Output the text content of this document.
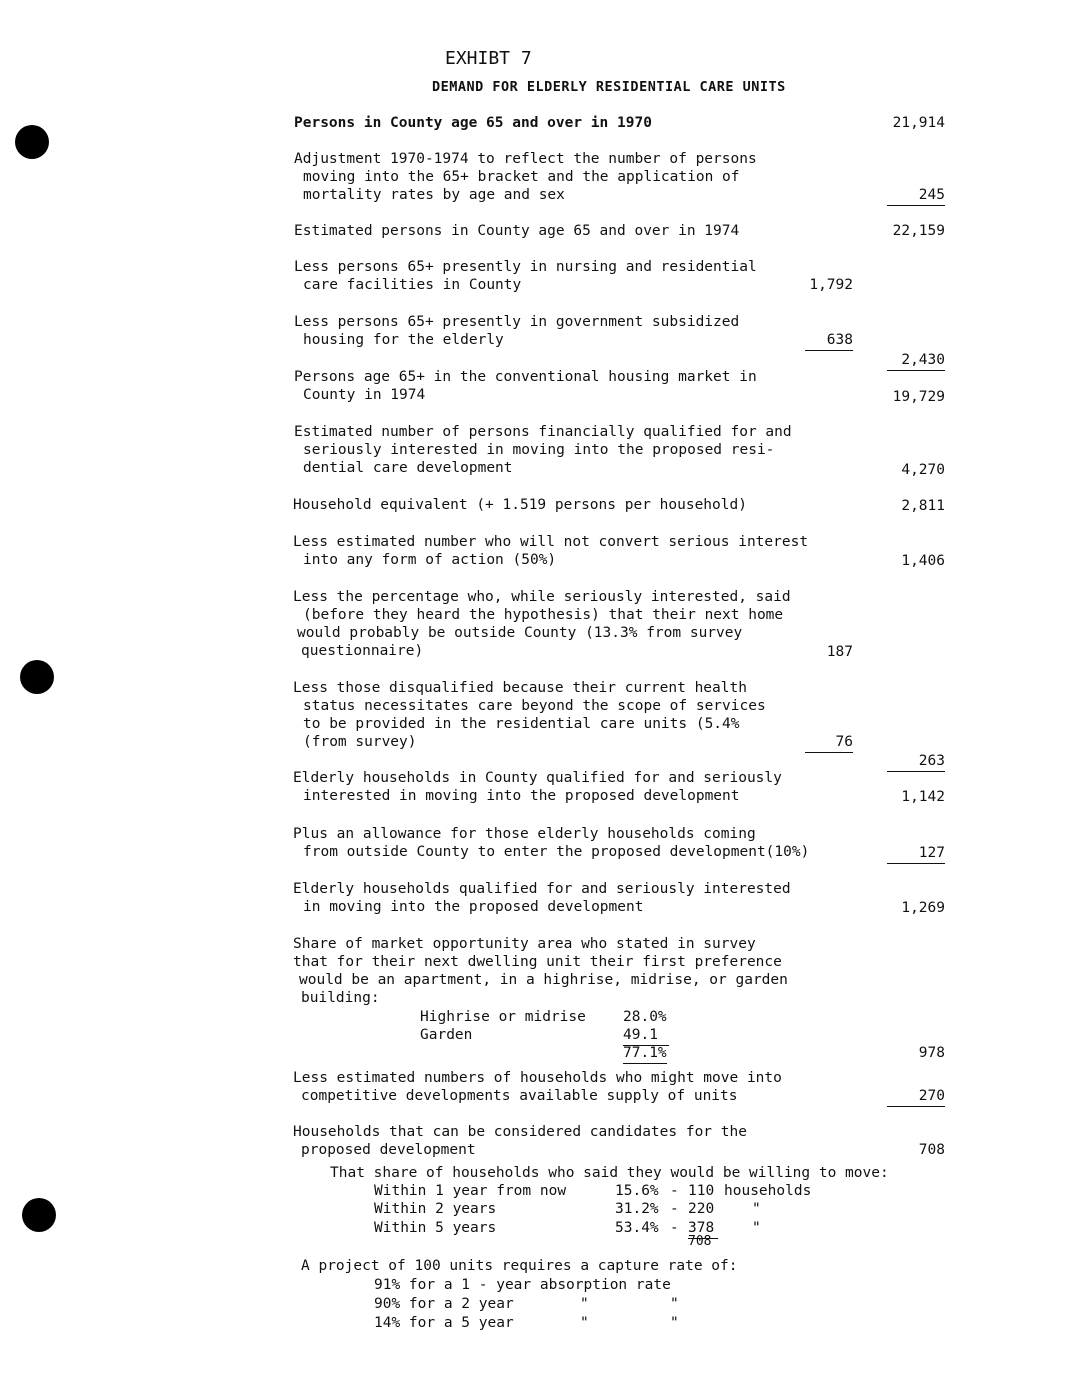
EXHIBT 7
DEMAND FOR ELDERLY RESIDENTIAL CARE UNITS
Persons in County age 65 and over in 1970	21,914
Adjustment 1970-1974 to reflect the number of persons
moving into the 65+ bracket and the application of
mortality rates by age and sex	245
Estimated persons in County age 65 and over in 1974	22,159
Less persons 65+ presently in nursing and residential
care facilities in County	1,792
Less persons 65+ presently in government subsidized
housing for the elderly	638
2,430
Persons age 65+ in the conventional housing market in
County in 1974	19,729
Estimated number of persons financially qualified for and
seriously interested in moving into the proposed resi-
dential care development	4,270
Household equivalent (+ 1.519 persons per household)	2,811
Less estimated number who will not convert serious interest
into any form of action (50%)	1,406
Less the percentage who, while seriously interested, said
(before they heard the hypothesis) that their next home
would probably be outside County (13.3% from survey
questionnaire)	187
Less those disqualified because their current health
status necessitates care beyond the scope of services
to be provided in the residential care units (5.4%
(from survey)	76
263
Elderly households in County qualified for and seriously
interested in moving into the proposed development	1,142
Plus an allowance for those elderly households coming
from outside County to enter the proposed development(10%)	127
Elderly households qualified for and seriously interested
in moving into the proposed development	1,269
Share of market opportunity area who stated in survey
that for their next dwelling unit their first preference
would be an apartment, in a highrise, midrise, or garden
building:
Highrise or midrise	28.0%
Garden	49.1
77.1%	978
Less estimated numbers of households who might move into
competitive developments available supply of units	270
Households that can be considered candidates for the
proposed development	708
That share of households who said they would be willing to move:
Within 1 year from now	15.6% - 110 households
Within 2 years	31.2% - 220	"
Within 5 years	53.4% - 378	"
708
A project of 100 units requires a capture rate of:
91% for a 1 - year absorption rate
90% for a 2 year	"	"
14% for a 5 year	"	"
